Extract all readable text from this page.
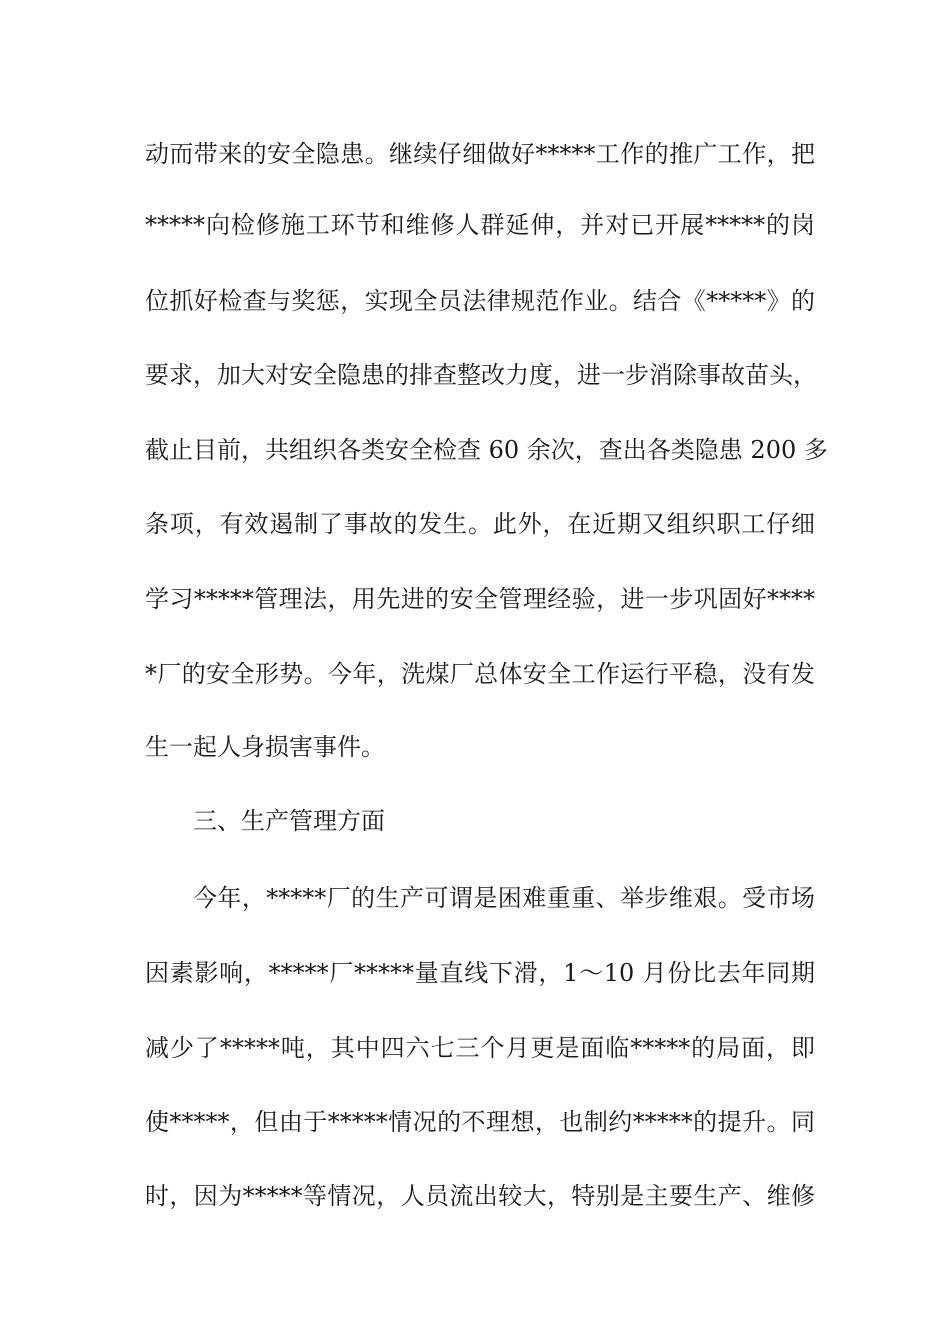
动而带来的安全隐患。继续仔细做好*****工作的推广工作，把
*****向检修施工环节和维修人群延伸，并对已开展*****的岗
位抓好检查与奖惩，实现全员法律规范作业。结合《*****》的
要求，加大对安全隐患的排查整改力度，进一步消除事故苗头，
截止目前，共组织各类安全检查 60 余次，查出各类隐患 200 多
条项，有效遏制了事故的发生。此外，在近期又组织职工仔细
学习*****管理法，用先进的安全管理经验，进一步巩固好****
*厂的安全形势。今年，洗煤厂总体安全工作运行平稳，没有发
生一起人身损害事件。
三、生产管理方面
今年，*****厂的生产可谓是困难重重、举步维艰。受市场
因素影响，*****厂*****量直线下滑，1～10 月份比去年同期
减少了*****吨，其中四六七三个月更是面临*****的局面，即
使*****，但由于*****情况的不理想，也制约*****的提升。同
时，因为*****等情况，人员流出较大，特别是主要生产、维修
